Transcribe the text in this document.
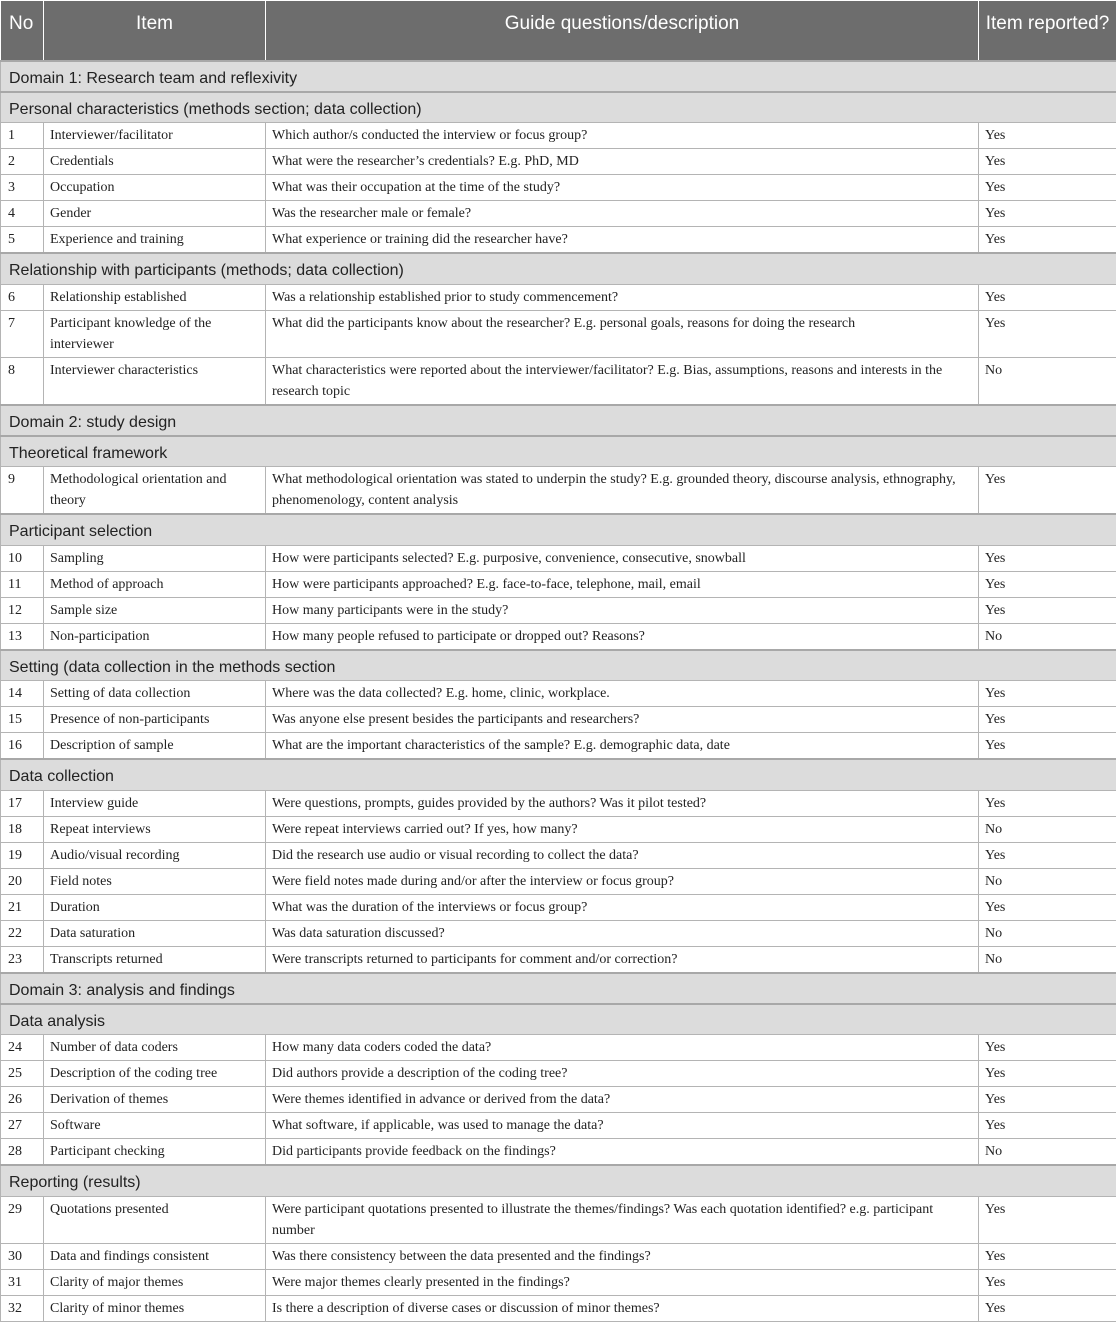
No	Item	Guide questions/description	Item reported?
Domain 1: Research team and reflexivity			
Personal characteristics (methods section; data collection)			
1	Interviewer/facilitator	Which author/s conducted the interview or focus group?	Yes
2	Credentials	What were the researcher’s credentials? E.g. PhD, MD	Yes
3	Occupation	What was their occupation at the time of the study?	Yes
4	Gender	Was the researcher male or female?	Yes
5	Experience and training	What experience or training did the researcher have?	Yes
Relationship with participants (methods; data collection)			
6	Relationship established	Was a relationship established prior to study commencement?	Yes
7	Participant knowledge of the interviewer	What did the participants know about the researcher? E.g. personal goals, reasons for doing the research	Yes
8	Interviewer characteristics	What characteristics were reported about the interviewer/facilitator? E.g. Bias, assumptions, reasons and interests in the research topic	No
Domain 2: study design			
Theoretical framework			
9	Methodological orientation and theory	What methodological orientation was stated to underpin the study? E.g. grounded theory, discourse analysis, ethnography, phenomenology, content analysis	Yes
Participant selection			
10	Sampling	How were participants selected? E.g. purposive, convenience, consecutive, snowball	Yes
11	Method of approach	How were participants approached? E.g. face-to-face, telephone, mail, email	Yes
12	Sample size	How many participants were in the study?	Yes
13	Non-participation	How many people refused to participate or dropped out? Reasons?	No
Setting (data collection in the methods section			
14	Setting of data collection	Where was the data collected? E.g. home, clinic, workplace.	Yes
15	Presence of non-participants	Was anyone else present besides the participants and researchers?	Yes
16	Description of sample	What are the important characteristics of the sample? E.g. demographic data, date	Yes
Data collection			
17	Interview guide	Were questions, prompts, guides provided by the authors? Was it pilot tested?	Yes
18	Repeat interviews	Were repeat interviews carried out? If yes, how many?	No
19	Audio/visual recording	Did the research use audio or visual recording to collect the data?	Yes
20	Field notes	Were field notes made during and/or after the interview or focus group?	No
21	Duration	What was the duration of the interviews or focus group?	Yes
22	Data saturation	Was data saturation discussed?	No
23	Transcripts returned	Were transcripts returned to participants for comment and/or correction?	No
Domain 3: analysis and findings			
Data analysis			
24	Number of data coders	How many data coders coded the data?	Yes
25	Description of the coding tree	Did authors provide a description of the coding tree?	Yes
26	Derivation of themes	Were themes identified in advance or derived from the data?	Yes
27	Software	What software, if applicable, was used to manage the data?	Yes
28	Participant checking	Did participants provide feedback on the findings?	No
Reporting (results)			
29	Quotations presented	Were participant quotations presented to illustrate the themes/findings? Was each quotation identified? e.g. participant number	Yes
30	Data and findings consistent	Was there consistency between the data presented and the findings?	Yes
31	Clarity of major themes	Were major themes clearly presented in the findings?	Yes
32	Clarity of minor themes	Is there a description of diverse cases or discussion of minor themes?	Yes
